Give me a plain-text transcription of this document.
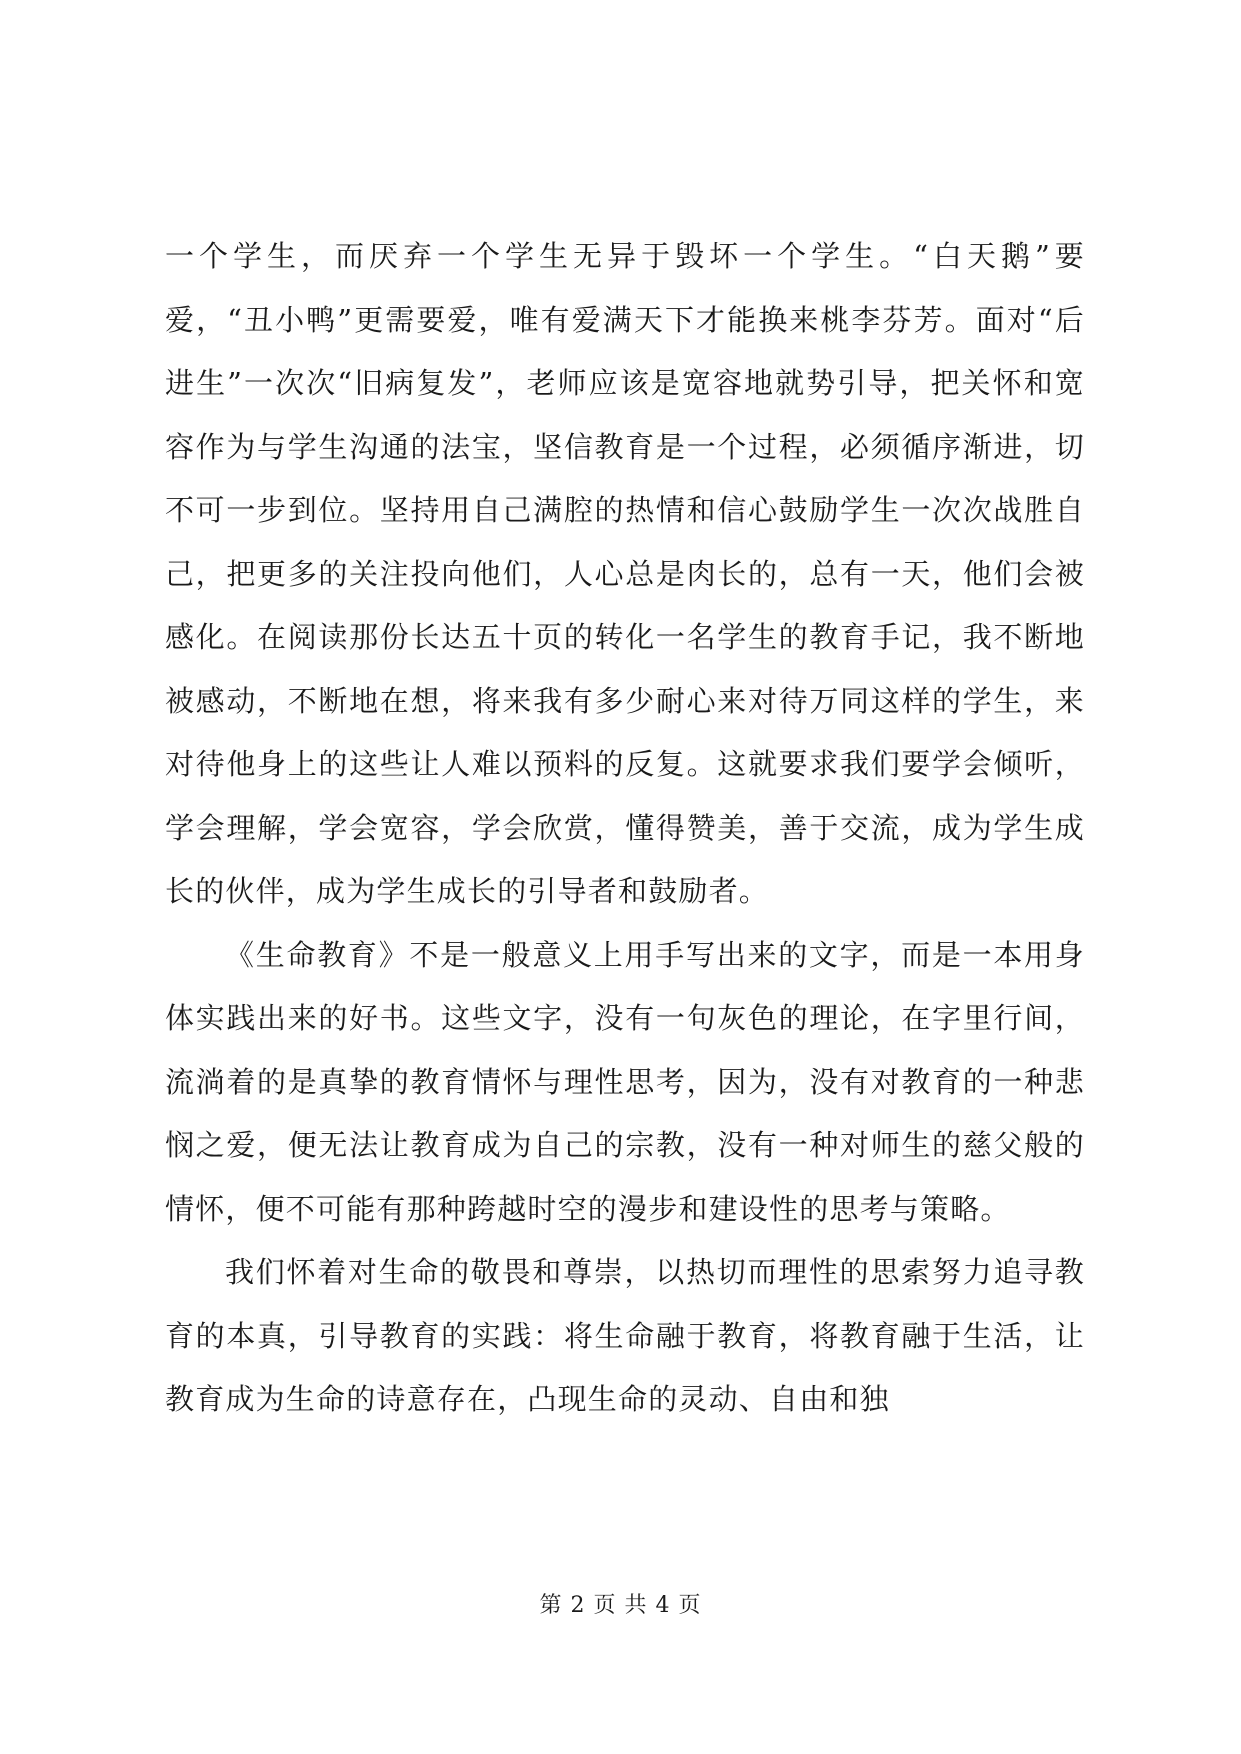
一个学生，而厌弃一个学生无异于毁坏一个学生。“白天鹅”要爱，“丑小鸭”更需要爱，唯有爱满天下才能换来桃李芬芳。面对“后进生”一次次“旧病复发”，老师应该是宽容地就势引导，把关怀和宽容作为与学生沟通的法宝，坚信教育是一个过程，必须循序渐进，切不可一步到位。坚持用自己满腔的热情和信心鼓励学生一次次战胜自己，把更多的关注投向他们，人心总是肉长的，总有一天，他们会被感化。在阅读那份长达五十页的转化一名学生的教育手记，我不断地被感动，不断地在想，将来我有多少耐心来对待万同这样的学生，来对待他身上的这些让人难以预料的反复。这就要求我们要学会倾听，学会理解，学会宽容，学会欣赏，懂得赞美，善于交流，成为学生成长的伙伴，成为学生成长的引导者和鼓励者。

《生命教育》不是一般意义上用手写出来的文字，而是一本用身体实践出来的好书。这些文字，没有一句灰色的理论，在字里行间，流淌着的是真挚的教育情怀与理性思考，因为，没有对教育的一种悲悯之爱，便无法让教育成为自己的宗教，没有一种对师生的慈父般的情怀，便不可能有那种跨越时空的漫步和建设性的思考与策略。

我们怀着对生命的敬畏和尊崇，以热切而理性的思索努力追寻教育的本真，引导教育的实践：将生命融于教育，将教育融于生活，让教育成为生命的诗意存在，凸现生命的灵动、自由和独

第 2 页 共 4 页
